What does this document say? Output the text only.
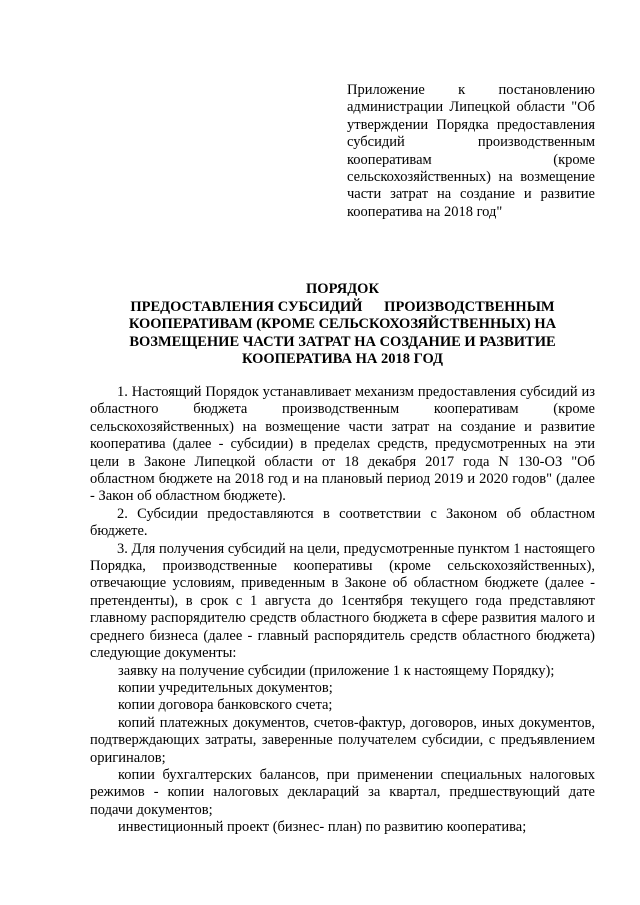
Приложение к постановлению администрации Липецкой области "Об утверждении Порядка предоставления субсидий производственным кооперативам (кроме сельскохозяйственных) на возмещение части затрат на создание и развитие кооператива на 2018 год"
ПОРЯДОК
ПРЕДОСТАВЛЕНИЯ СУБСИДИЙ      ПРОИЗВОДСТВЕННЫМ
КООПЕРАТИВАМ (КРОМЕ СЕЛЬСКОХОЗЯЙСТВЕННЫХ) НА
ВОЗМЕЩЕНИЕ ЧАСТИ ЗАТРАТ НА СОЗДАНИЕ И РАЗВИТИЕ
КООПЕРАТИВА НА 2018 ГОД

1. Настоящий Порядок устанавливает механизм предоставления субсидий из областного бюджета производственным кооперативам (кроме сельскохозяйственных) на возмещение части затрат на создание и развитие кооператива (далее - субсидии) в пределах средств, предусмотренных на эти цели в Законе Липецкой области от 18 декабря 2017 года N 130-ОЗ "Об областном бюджете на 2018 год и на плановый период 2019 и 2020 годов" (далее - Закон об областном бюджете).

2. Субсидии предоставляются в соответствии с Законом об областном бюджете.

3. Для получения субсидий на цели, предусмотренные пунктом 1 настоящего Порядка, производственные кооперативы (кроме сельскохозяйственных), отвечающие условиям, приведенным в Законе об областном бюджете (далее - претенденты), в срок с 1 августа до 1сентября текущего года представляют главному распорядителю средств областного бюджета в сфере развития малого и среднего бизнеса (далее - главный распорядитель средств областного бюджета) следующие документы:

заявку на получение субсидии (приложение 1 к настоящему Порядку);

копии учредительных документов;

копии договора банковского счета;

копий платежных документов, счетов-фактур, договоров, иных документов, подтверждающих затраты, заверенные получателем субсидии, с предъявлением оригиналов;

копии бухгалтерских балансов, при применении специальных налоговых режимов - копии налоговых деклараций за квартал, предшествующий дате подачи документов;

инвестиционный проект (бизнес- план) по развитию кооператива;
